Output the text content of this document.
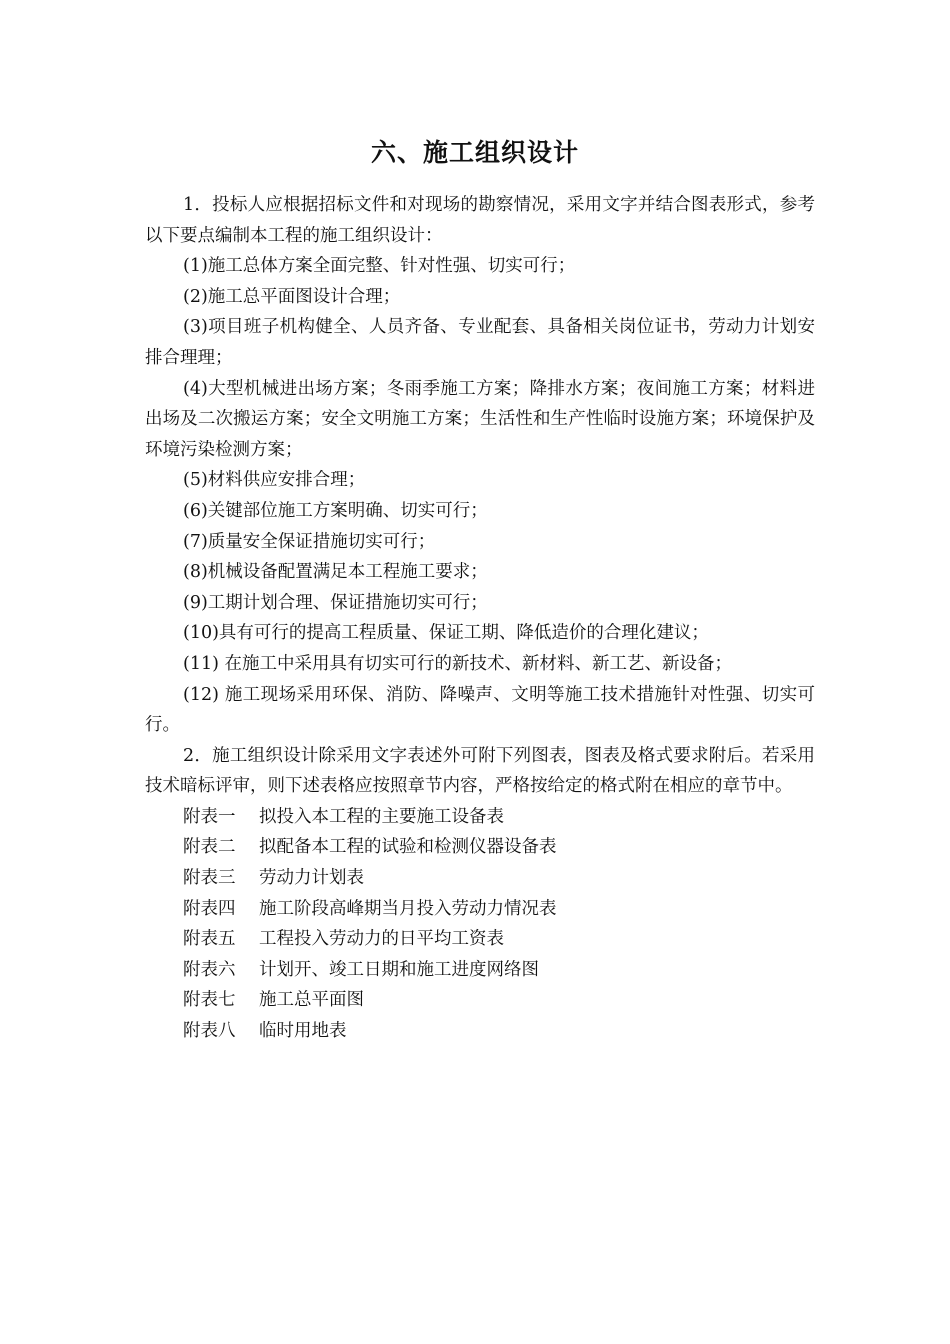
六、施工组织设计

1．投标人应根据招标文件和对现场的勘察情况，采用文字并结合图表形式，参考以下要点编制本工程的施工组织设计：

(1)施工总体方案全面完整、针对性强、切实可行；

(2)施工总平面图设计合理；

(3)项目班子机构健全、人员齐备、专业配套、具备相关岗位证书，劳动力计划安排合理理；

(4)大型机械进出场方案；冬雨季施工方案；降排水方案；夜间施工方案；材料进出场及二次搬运方案；安全文明施工方案；生活性和生产性临时设施方案；环境保护及环境污染检测方案；

(5)材料供应安排合理；

(6)关键部位施工方案明确、切实可行；

(7)质量安全保证措施切实可行；

(8)机械设备配置满足本工程施工要求；

(9)工期计划合理、保证措施切实可行；

(10)具有可行的提高工程质量、保证工期、降低造价的合理化建议；

(11) 在施工中采用具有切实可行的新技术、新材料、新工艺、新设备；

(12) 施工现场采用环保、消防、降噪声、文明等施工技术措施针对性强、切实可行。

2．施工组织设计除采用文字表述外可附下列图表，图表及格式要求附后。若采用技术暗标评审，则下述表格应按照章节内容，严格按给定的格式附在相应的章节中。

附表一 拟投入本工程的主要施工设备表

附表二 拟配备本工程的试验和检测仪器设备表

附表三 劳动力计划表

附表四 施工阶段高峰期当月投入劳动力情况表

附表五 工程投入劳动力的日平均工资表

附表六 计划开、竣工日期和施工进度网络图

附表七 施工总平面图

附表八 临时用地表
